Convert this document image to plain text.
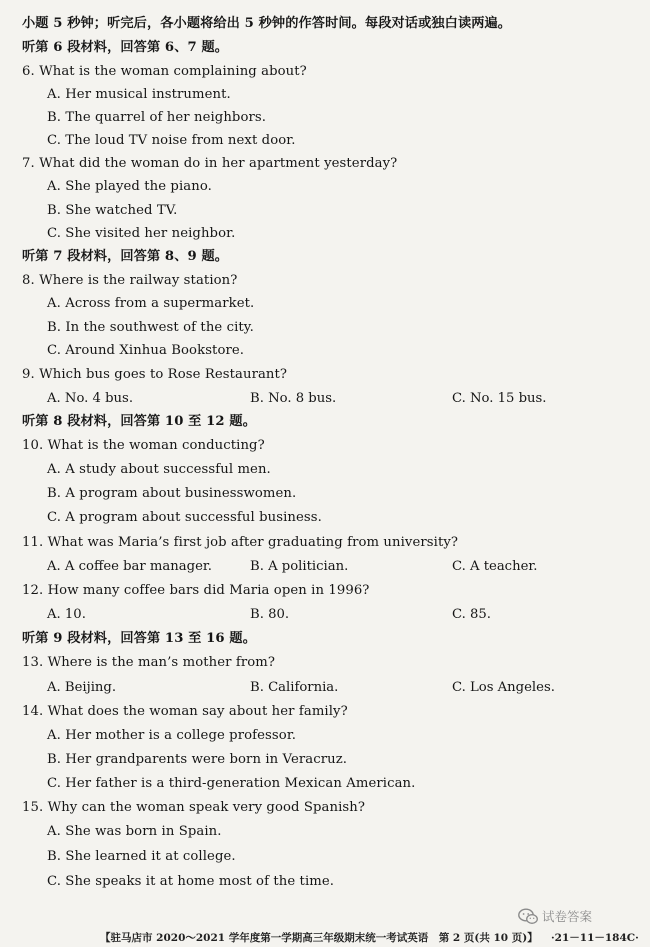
小题 5 秒钟；听完后，各小题将给出 5 秒钟的作答时间。每段对话或独白读两遍。
听第 6 段材料，回答第 6、7 题。
6. What is the woman complaining about?
A. Her musical instrument.
B. The quarrel of her neighbors.
C. The loud TV noise from next door.
7. What did the woman do in her apartment yesterday?
A. She played the piano.
B. She watched TV.
C. She visited her neighbor.
听第 7 段材料，回答第 8、9 题。
8. Where is the railway station?
A. Across from a supermarket.
B. In the southwest of the city.
C. Around Xinhua Bookstore.
9. Which bus goes to Rose Restaurant?
A. No. 4 bus.	B. No. 8 bus.	C. No. 15 bus.
听第 8 段材料，回答第 10 至 12 题。
10. What is the woman conducting?
A. A study about successful men.
B. A program about businesswomen.
C. A program about successful business.
11. What was Maria’s first job after graduating from university?
A. A coffee bar manager.	B. A politician.	C. A teacher.
12. How many coffee bars did Maria open in 1996?
A. 10.	B. 80.	C. 85.
听第 9 段材料，回答第 13 至 16 题。
13. Where is the man’s mother from?
A. Beijing.	B. California.	C. Los Angeles.
14. What does the woman say about her family?
A. Her mother is a college professor.
B. Her grandparents were born in Veracruz.
C. Her father is a third-generation Mexican American.
15. Why can the woman speak very good Spanish?
A. She was born in Spain.
B. She learned it at college.
C. She speaks it at home most of the time.
试卷答案
【驻马店市 2020～2021 学年度第一学期高三年级期末统一考试英语　第 2 页(共 10 页)】 ·21－11－184C·
